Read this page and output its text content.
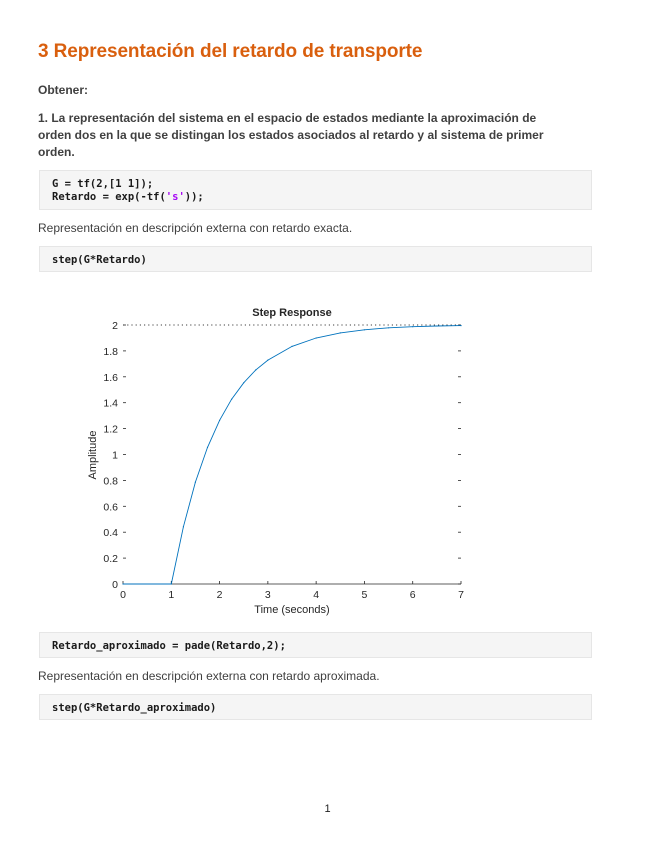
3 Representación del retardo de transporte

Obtener:

1. La representación del sistema en el espacio de estados mediante la aproximación de

orden dos en la que se distingan los estados asociados al retardo y al sistema de primer

orden.

G = tf(2,[1 1]);
Retardo = exp(-tf('s'));

Representación en descripción externa con retardo exacta.

step(G*Retardo)
0
0.2
0.4
0.6
0.8
1
1.2
1.4
1.6
1.8
2
0	1	2	3	4	5	6	7
Step Response
Time (seconds)
Amplitude
Retardo_aproximado = pade(Retardo,2);

Representación en descripción externa con retardo aproximada.

step(G*Retardo_aproximado)
1
